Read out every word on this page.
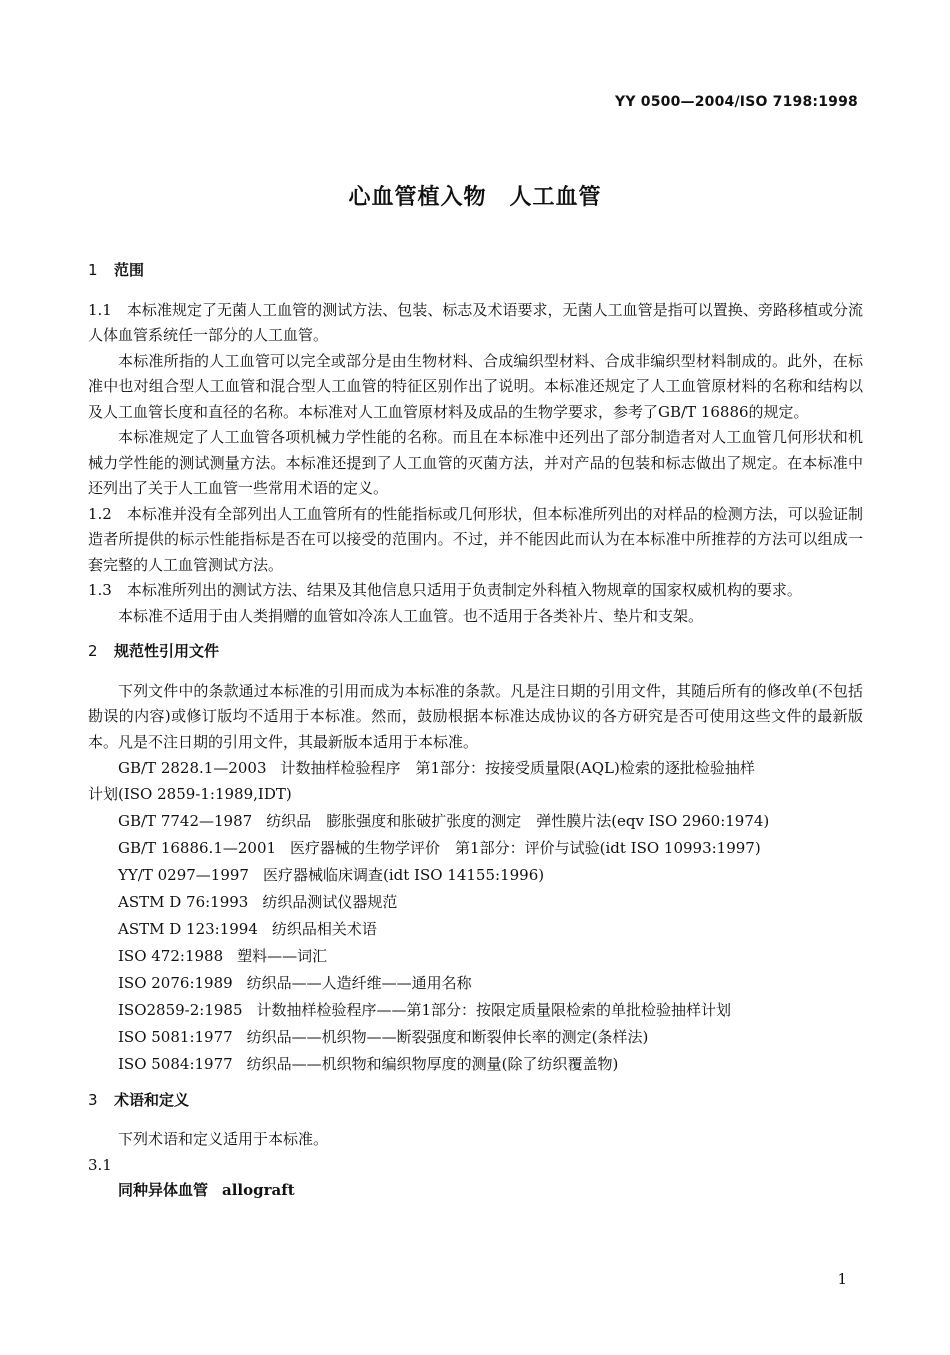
YY 0500—2004/ISO 7198:1998
心血管植入物　人工血管
1 范围

1.1　本标准规定了无菌人工血管的测试方法、包装、标志及术语要求，无菌人工血管是指可以置换、旁路移植或分流人体血管系统任一部分的人工血管。

本标准所指的人工血管可以完全或部分是由生物材料、合成编织型材料、合成非编织型材料制成的。此外，在标准中也对组合型人工血管和混合型人工血管的特征区别作出了说明。本标准还规定了人工血管原材料的名称和结构以及人工血管长度和直径的名称。本标准对人工血管原材料及成品的生物学要求，参考了GB/T 16886的规定。

本标准规定了人工血管各项机械力学性能的名称。而且在本标准中还列出了部分制造者对人工血管几何形状和机械力学性能的测试测量方法。本标准还提到了人工血管的灭菌方法，并对产品的包装和标志做出了规定。在本标准中还列出了关于人工血管一些常用术语的定义。

1.2　本标准并没有全部列出人工血管所有的性能指标或几何形状，但本标准所列出的对样品的检测方法，可以验证制造者所提供的标示性能指标是否在可以接受的范围内。不过，并不能因此而认为在本标准中所推荐的方法可以组成一套完整的人工血管测试方法。

1.3　本标准所列出的测试方法、结果及其他信息只适用于负责制定外科植入物规章的国家权威机构的要求。

本标准不适用于由人类捐赠的血管如冷冻人工血管。也不适用于各类补片、垫片和支架。

2 规范性引用文件

下列文件中的条款通过本标准的引用而成为本标准的条款。凡是注日期的引用文件，其随后所有的修改单(不包括勘误的内容)或修订版均不适用于本标准。然而，鼓励根据本标准达成协议的各方研究是否可使用这些文件的最新版本。凡是不注日期的引用文件，其最新版本适用于本标准。

GB/T 2828.1—2003 计数抽样检验程序　第1部分：按接受质量限(AQL)检索的逐批检验抽样

计划(ISO 2859-1:1989,IDT)

GB/T 7742—1987 纺织品　膨胀强度和胀破扩张度的测定　弹性膜片法(eqv ISO 2960:1974)

GB/T 16886.1—2001 医疗器械的生物学评价　第1部分：评价与试验(idt ISO 10993:1997)

YY/T 0297—1997 医疗器械临床调查(idt ISO 14155:1996)

ASTM D 76:1993 纺织品测试仪器规范

ASTM D 123:1994 纺织品相关术语

ISO 472:1988 塑料——词汇

ISO 2076:1989 纺织品——人造纤维——通用名称

ISO2859-2:1985 计数抽样检验程序——第1部分：按限定质量限检索的单批检验抽样计划

ISO 5081:1977 纺织品——机织物——断裂强度和断裂伸长率的测定(条样法)

ISO 5084:1977 纺织品——机织物和编织物厚度的测量(除了纺织覆盖物)

3 术语和定义

下列术语和定义适用于本标准。

3.1

同种异体血管 allograft

1
